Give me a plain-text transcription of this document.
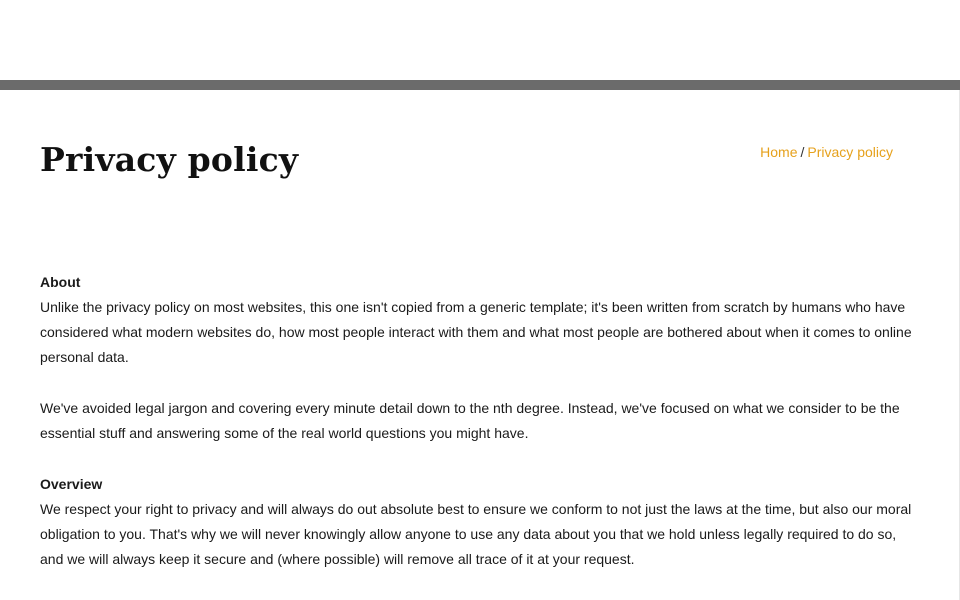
Privacy policy	Home / Privacy policy
About

Unlike the privacy policy on most websites, this one isn't copied from a generic template; it's been written from scratch by humans who have considered what modern websites do, how most people interact with them and what most people are bothered about when it comes to online personal data.

We've avoided legal jargon and covering every minute detail down to the nth degree. Instead, we've focused on what we consider to be the essential stuff and answering some of the real world questions you might have.

Overview

We respect your right to privacy and will always do out absolute best to ensure we conform to not just the laws at the time, but also our moral obligation to you. That's why we will never knowingly allow anyone to use any data about you that we hold unless legally required to do so, and we will always keep it secure and (where possible) will remove all trace of it at your request.
